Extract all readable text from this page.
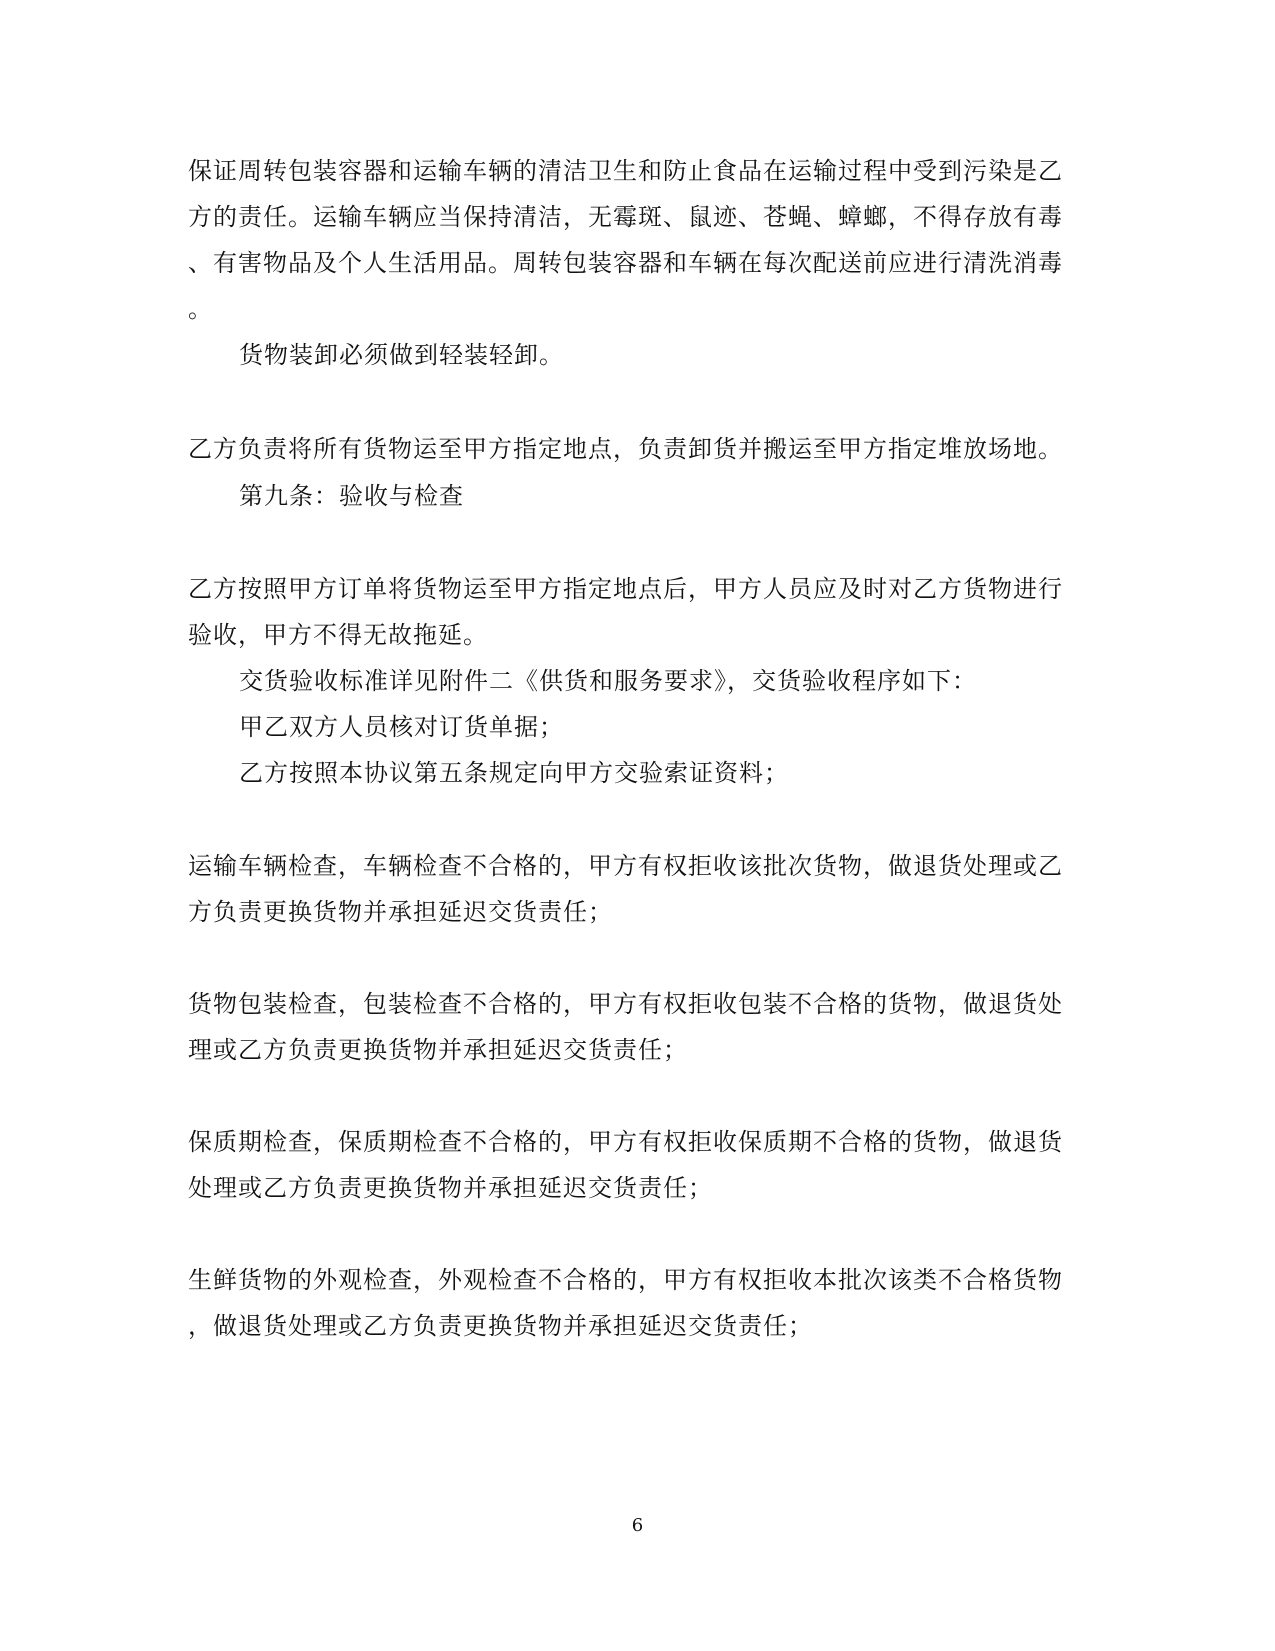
保证周转包装容器和运输车辆的清洁卫生和防止食品在运输过程中受到污染是乙
方的责任。运输车辆应当保持清洁，无霉斑、鼠迹、苍蝇、蟑螂，不得存放有毒
、有害物品及个人生活用品。周转包装容器和车辆在每次配送前应进行清洗消毒
。
货物装卸必须做到轻装轻卸。
乙方负责将所有货物运至甲方指定地点，负责卸货并搬运至甲方指定堆放场地。
第九条：验收与检查
乙方按照甲方订单将货物运至甲方指定地点后，甲方人员应及时对乙方货物进行
验收，甲方不得无故拖延。
交货验收标准详见附件二《供货和服务要求》，交货验收程序如下：
甲乙双方人员核对订货单据；
乙方按照本协议第五条规定向甲方交验索证资料；
运输车辆检查，车辆检查不合格的，甲方有权拒收该批次货物，做退货处理或乙
方负责更换货物并承担延迟交货责任；
货物包装检查，包装检查不合格的，甲方有权拒收包装不合格的货物，做退货处
理或乙方负责更换货物并承担延迟交货责任；
保质期检查，保质期检查不合格的，甲方有权拒收保质期不合格的货物，做退货
处理或乙方负责更换货物并承担延迟交货责任；
生鲜货物的外观检查，外观检查不合格的，甲方有权拒收本批次该类不合格货物
，做退货处理或乙方负责更换货物并承担延迟交货责任；
6
